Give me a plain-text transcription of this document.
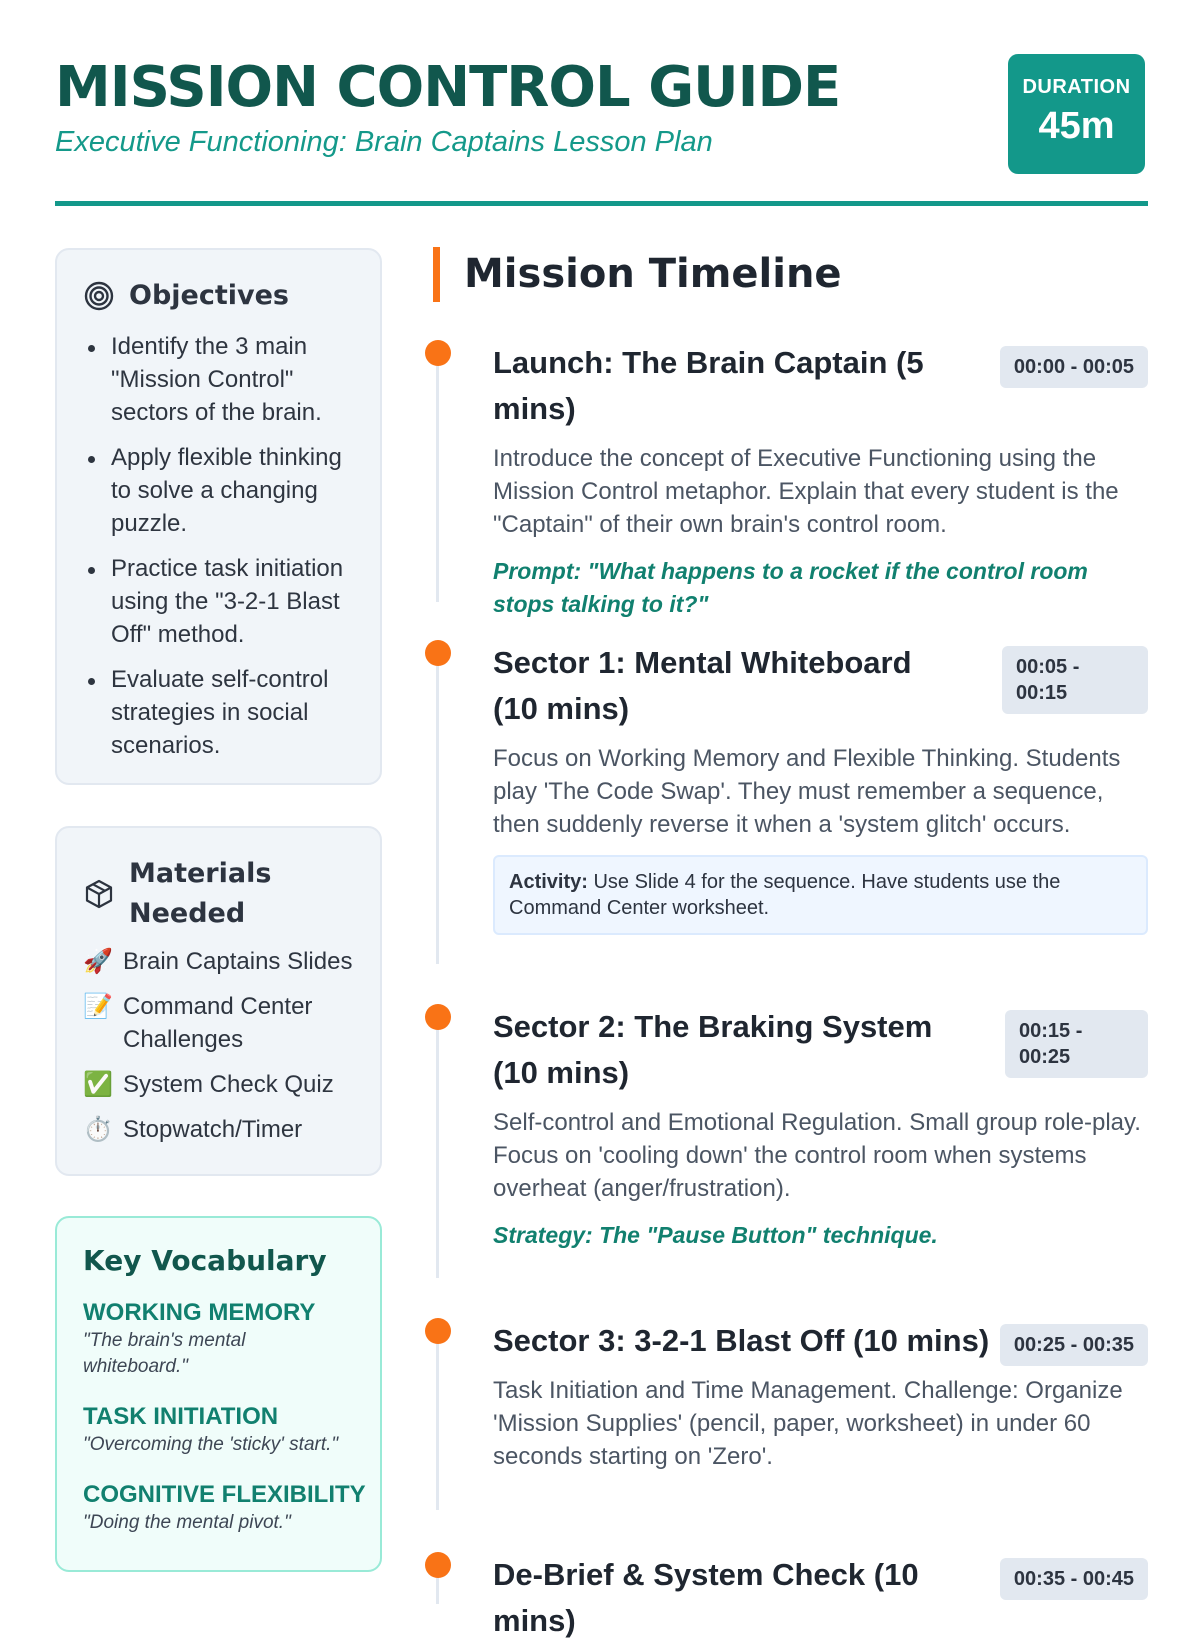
MISSION CONTROL GUIDE
Executive Functioning: Brain Captains Lesson Plan
DURATION
45m
Objectives
Identify the 3 main "Mission Control" sectors of the brain.
Apply flexible thinking to solve a changing puzzle.
Practice task initiation using the "3-2-1 Blast Off" method.
Evaluate self-control strategies in social scenarios.
Materials Needed
🚀 Brain Captains Slides
📝 Command Center Challenges
✅ System Check Quiz
⏱️ Stopwatch/Timer
Key Vocabulary
WORKING MEMORY
"The brain's mental whiteboard."
TASK INITIATION
"Overcoming the 'sticky' start."
COGNITIVE FLEXIBILITY
"Doing the mental pivot."
Mission Timeline
Launch: The Brain Captain (5 mins)
00:00 - 00:05
Introduce the concept of Executive Functioning using the Mission Control metaphor. Explain that every student is the "Captain" of their own brain's control room.
Prompt: "What happens to a rocket if the control room stops talking to it?"
Sector 1: Mental Whiteboard (10 mins)
00:05 - 00:15
Focus on Working Memory and Flexible Thinking. Students play 'The Code Swap'. They must remember a sequence, then suddenly reverse it when a 'system glitch' occurs.
Activity: Use Slide 4 for the sequence. Have students use the Command Center worksheet.
Sector 2: The Braking System (10 mins)
00:15 - 00:25
Self-control and Emotional Regulation. Small group role-play. Focus on 'cooling down' the control room when systems overheat (anger/frustration).
Strategy: The "Pause Button" technique.
Sector 3: 3-2-1 Blast Off (10 mins)	00:25 - 00:35
Task Initiation and Time Management. Challenge: Organize 'Mission Supplies' (pencil, paper, worksheet) in under 60 seconds starting on 'Zero'.
De-Brief & System Check (10 mins)
00:35 - 00:45
